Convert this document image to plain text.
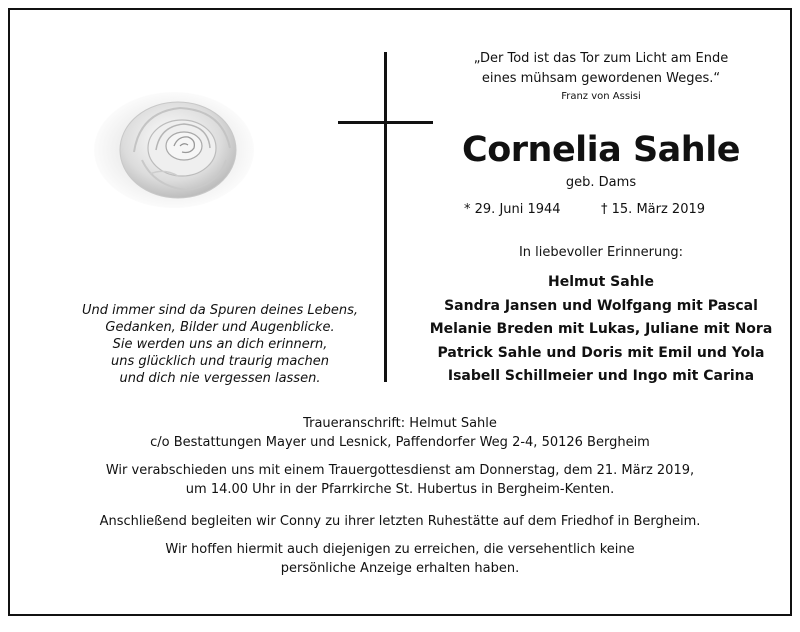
Und immer sind da Spuren deines Lebens,
Gedanken, Bilder und Augenblicke.
Sie werden uns an dich erinnern,
uns glücklich und traurig machen
und dich nie vergessen lassen.
„Der Tod ist das Tor zum Licht am Ende
eines mühsam gewordenen Weges.“
Franz von Assisi
Cornelia Sahle
geb. Dams
* 29. Juni 1944	† 15. März 2019
In liebevoller Erinnerung:
Helmut Sahle
Sandra Jansen und Wolfgang mit Pascal
Melanie Breden mit Lukas, Juliane mit Nora
Patrick Sahle und Doris mit Emil und Yola
Isabell Schillmeier und Ingo mit Carina
Traueranschrift: Helmut Sahle
c/o Bestattungen Mayer und Lesnick, Paffendorfer Weg 2-4, 50126 Bergheim
Wir verabschieden uns mit einem Trauergottesdienst am Donnerstag, dem 21. März 2019,
um 14.00 Uhr in der Pfarrkirche St. Hubertus in Bergheim-Kenten.
Anschließend begleiten wir Conny zu ihrer letzten Ruhestätte auf dem Friedhof in Bergheim.
Wir hoffen hiermit auch diejenigen zu erreichen, die versehentlich keine
persönliche Anzeige erhalten haben.
